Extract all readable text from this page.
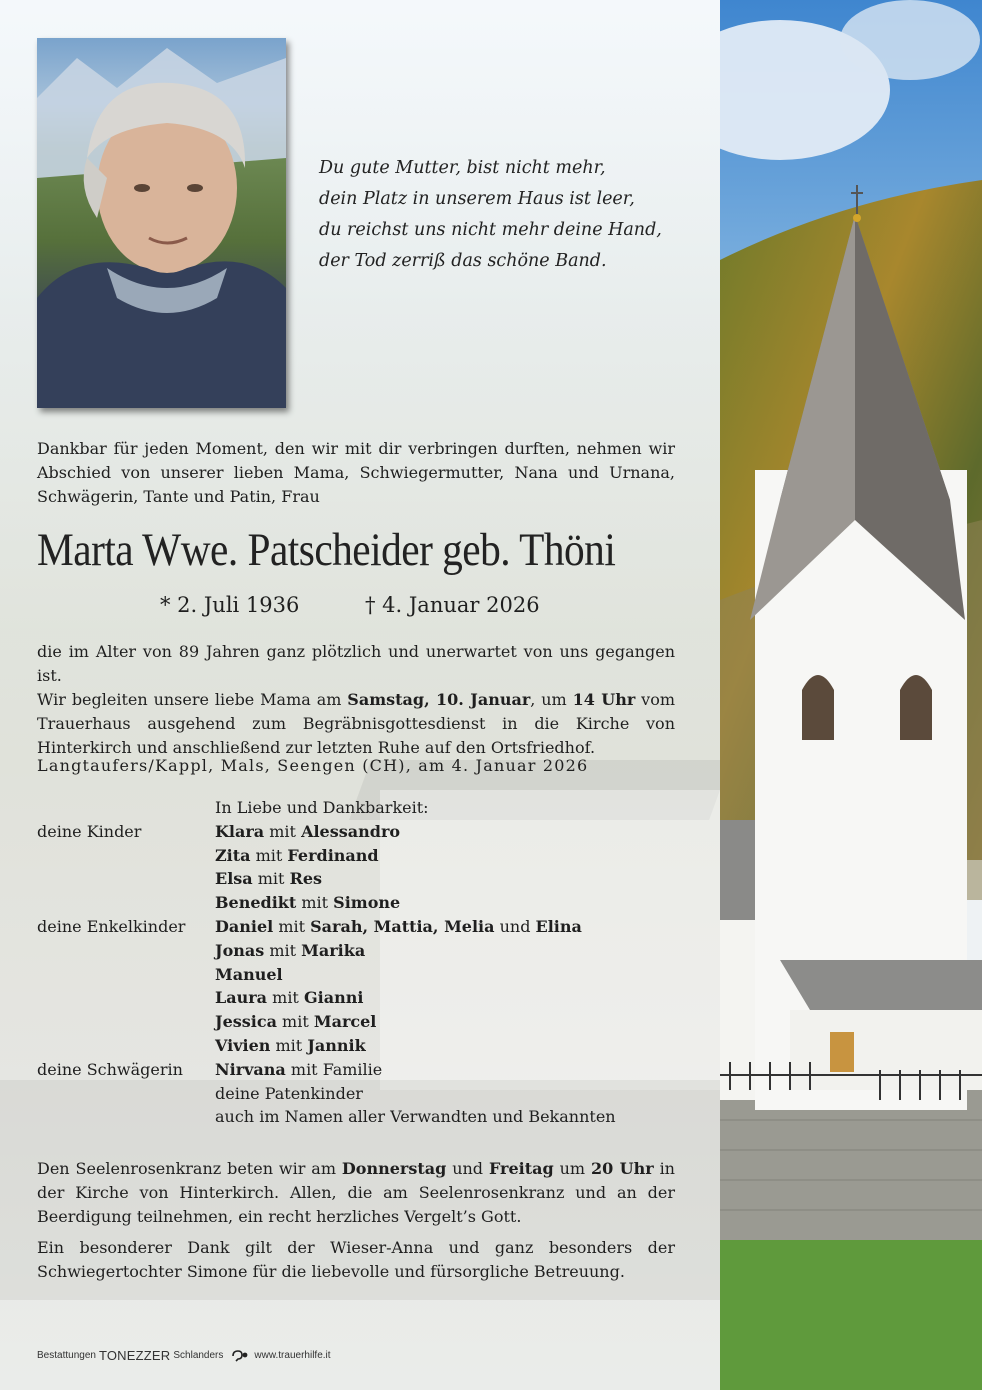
Du gute Mutter, bist nicht mehr,
dein Platz in unserem Haus ist leer,
du reichst uns nicht mehr deine Hand,
der Tod zerriß das schöne Band.
Dankbar für jeden Moment, den wir mit dir verbringen durften, nehmen wir Abschied von unserer lieben Mama, Schwiegermutter, Nana und Urnana, Schwägerin, Tante und Patin, Frau
Marta Wwe. Patscheider geb. Thöni
* 2. Juli 1936	† 4. Januar 2026
die im Alter von 89 Jahren ganz plötzlich und unerwartet von uns gegangen ist.
Wir begleiten unsere liebe Mama am Samstag, 10. Januar, um 14 Uhr vom Trauerhaus ausgehend zum Begräbnisgottesdienst in die Kirche von Hinterkirch und anschließend zur letzten Ruhe auf den Ortsfriedhof.
Langtaufers/Kappl, Mals, Seengen (CH), am 4. Januar 2026
In Liebe und Dankbarkeit:
deine Kinder	Klara mit Alessandro
Zita mit Ferdinand
Elsa mit Res
Benedikt mit Simone
deine Enkelkinder	Daniel mit Sarah, Mattia, Melia und Elina
Jonas mit Marika
Manuel
Laura mit Gianni
Jessica mit Marcel
Vivien mit Jannik
deine Schwägerin	Nirvana mit Familie
deine Patenkinder
auch im Namen aller Verwandten und Bekannten
Den Seelenrosenkranz beten wir am Donnerstag und Freitag um 20 Uhr in der Kirche von Hinterkirch. Allen, die am Seelenrosenkranz und an der Beerdigung teilnehmen, ein recht herzliches Vergelt’s Gott.
Ein besonderer Dank gilt der Wieser-Anna und ganz besonders der Schwiegertochter Simone für die liebevolle und fürsorgliche Betreuung.
Bestattungen TONEZZER Schlanders	www.trauerhilfe.it
